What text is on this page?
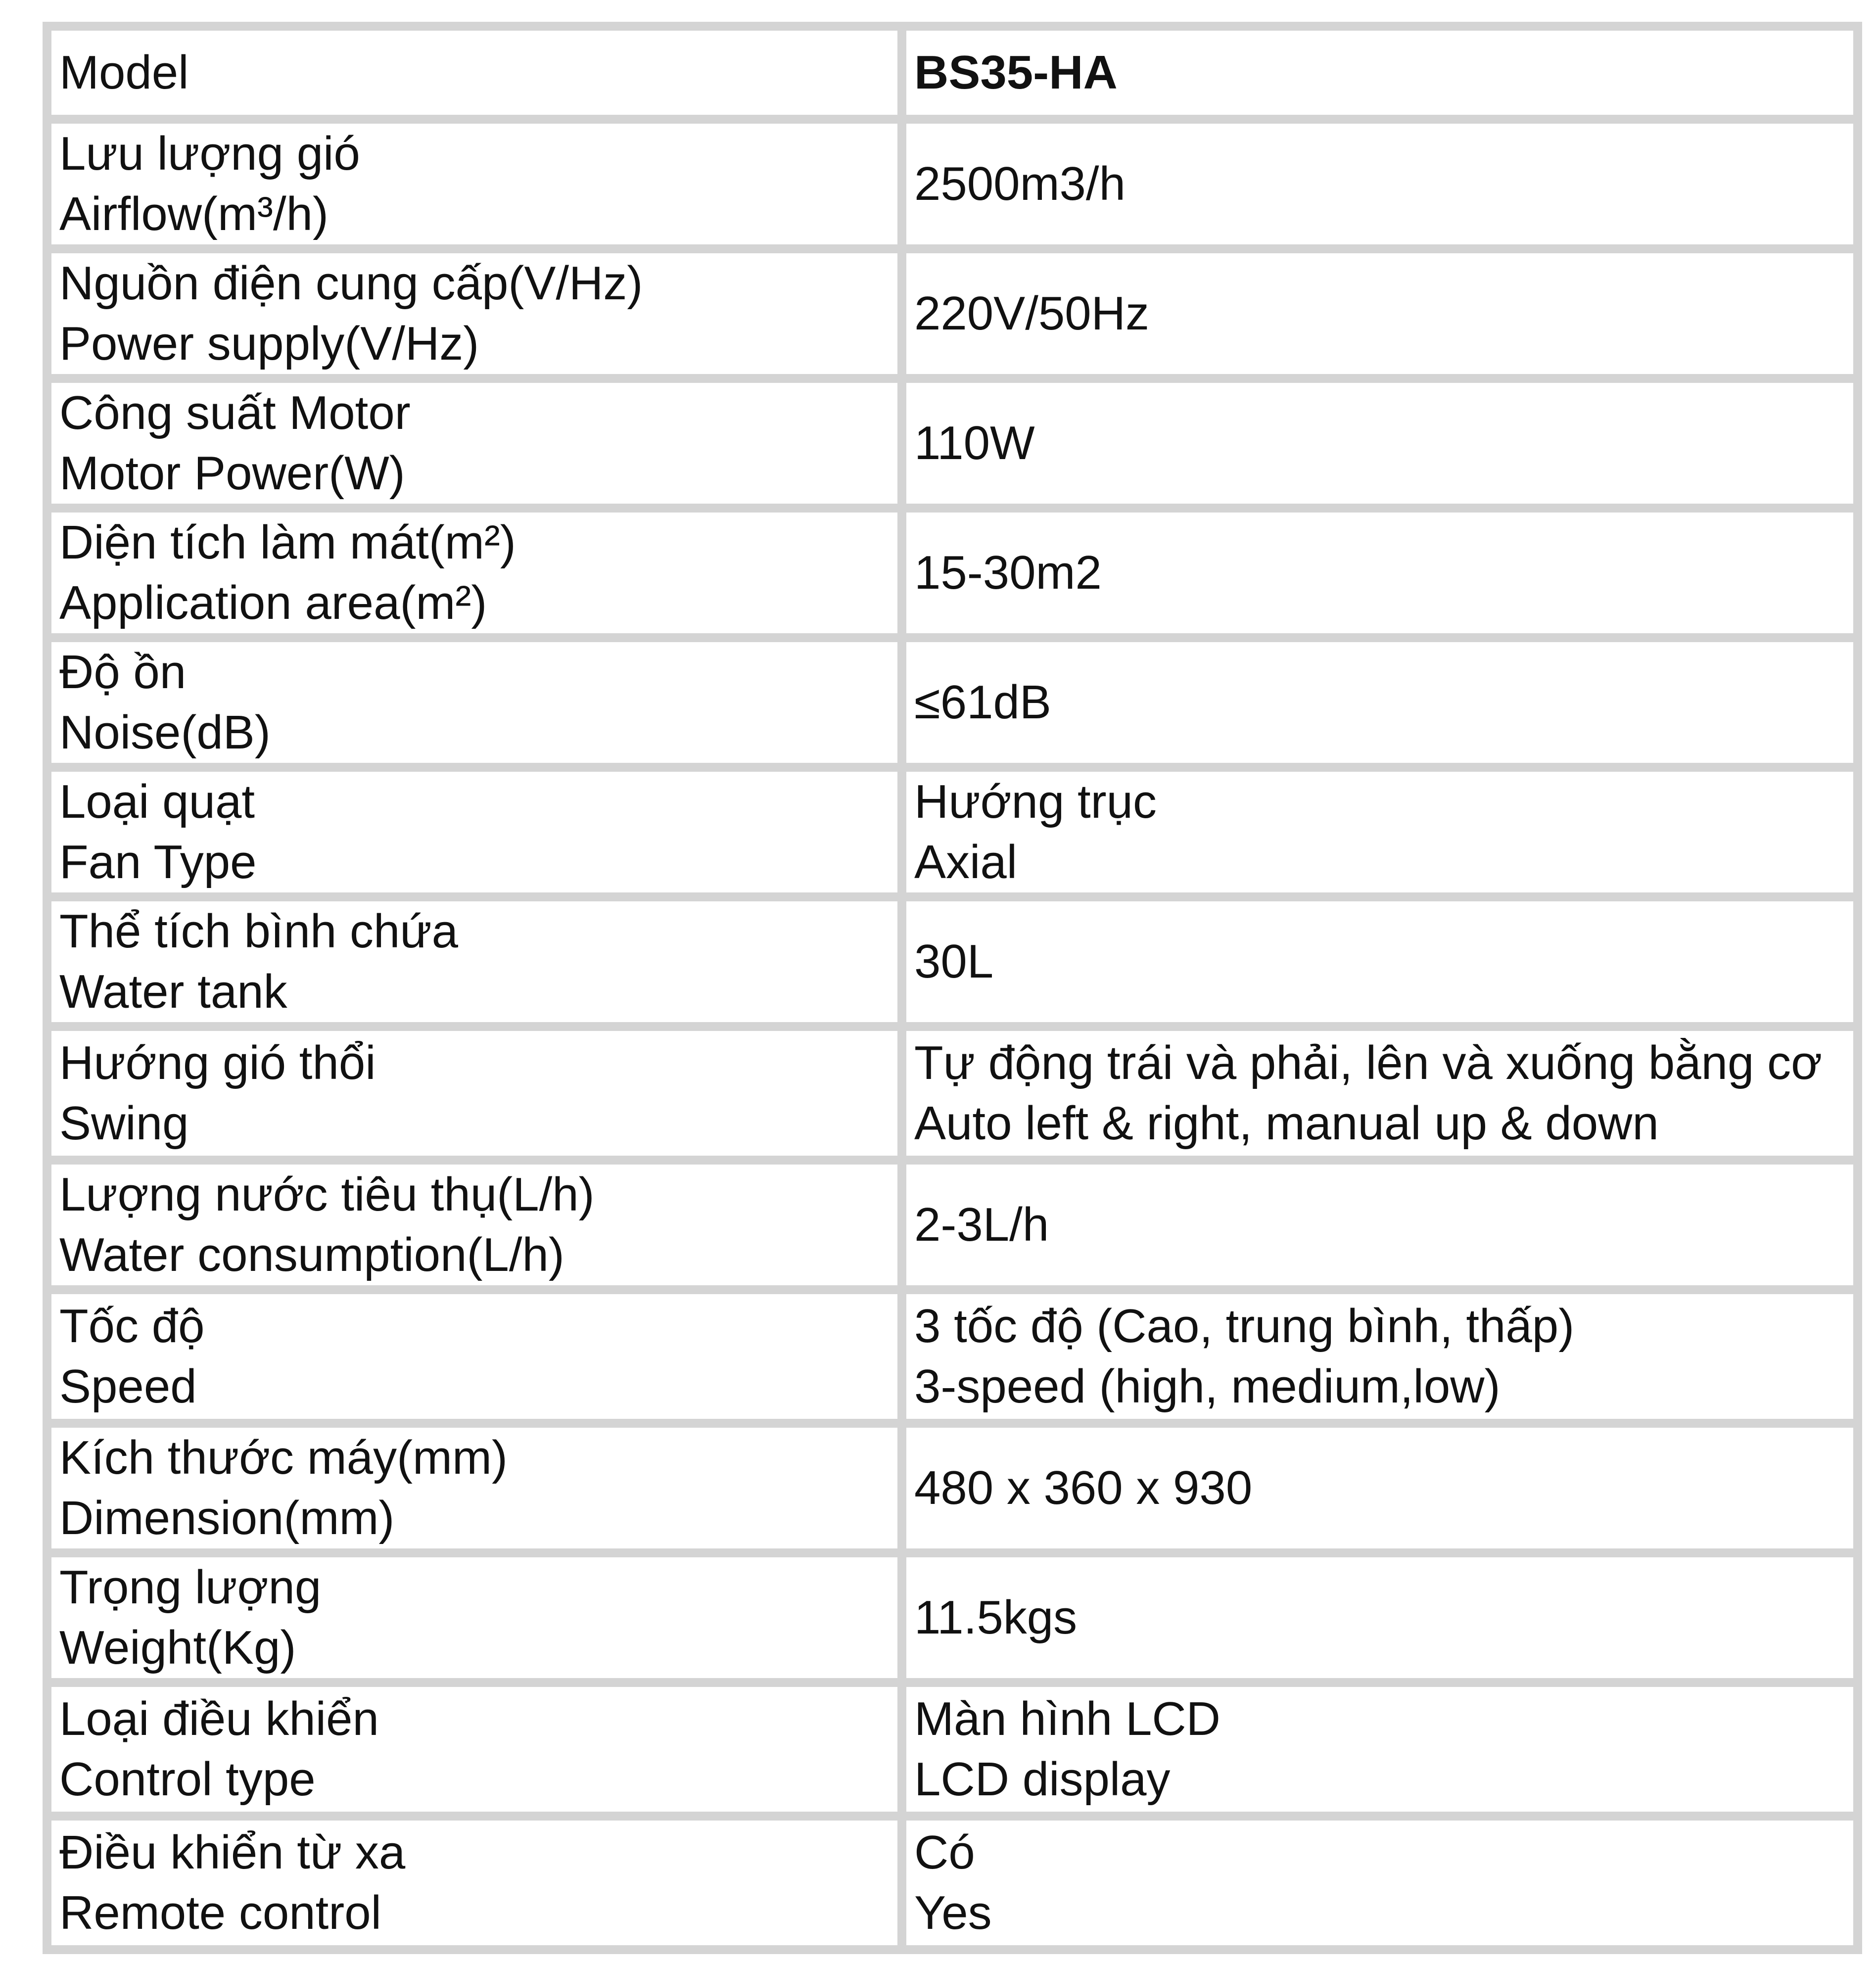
Model	BS35-HA

Lưu lượng gió
Airflow(m³/h)	2500m3/h

Nguồn điện cung cấp(V/Hz)
Power supply(V/Hz)	220V/50Hz

Công suất Motor
Motor Power(W)	110W

Diện tích làm mát(m²)
Application area(m²)	15-30m2

Độ ồn
Noise(dB)	≤61dB

Loại quạt
Fan Type	Hướng trục
Axial

Thể tích bình chứa
Water tank	30L

Hướng gió thổi
Swing	Tự động trái và phải, lên và xuống bằng cơ
Auto left & right, manual up & down

Lượng nước tiêu thụ(L/h)
Water consumption(L/h)	2-3L/h

Tốc độ
Speed	3 tốc độ (Cao, trung bình, thấp)
3-speed (high, medium,low)

Kích thước máy(mm)
Dimension(mm)	480 x 360 x 930

Trọng lượng
Weight(Kg)	11.5kgs

Loại điều khiển
Control type	Màn hình LCD
LCD display

Điều khiển từ xa
Remote control	Có
Yes
